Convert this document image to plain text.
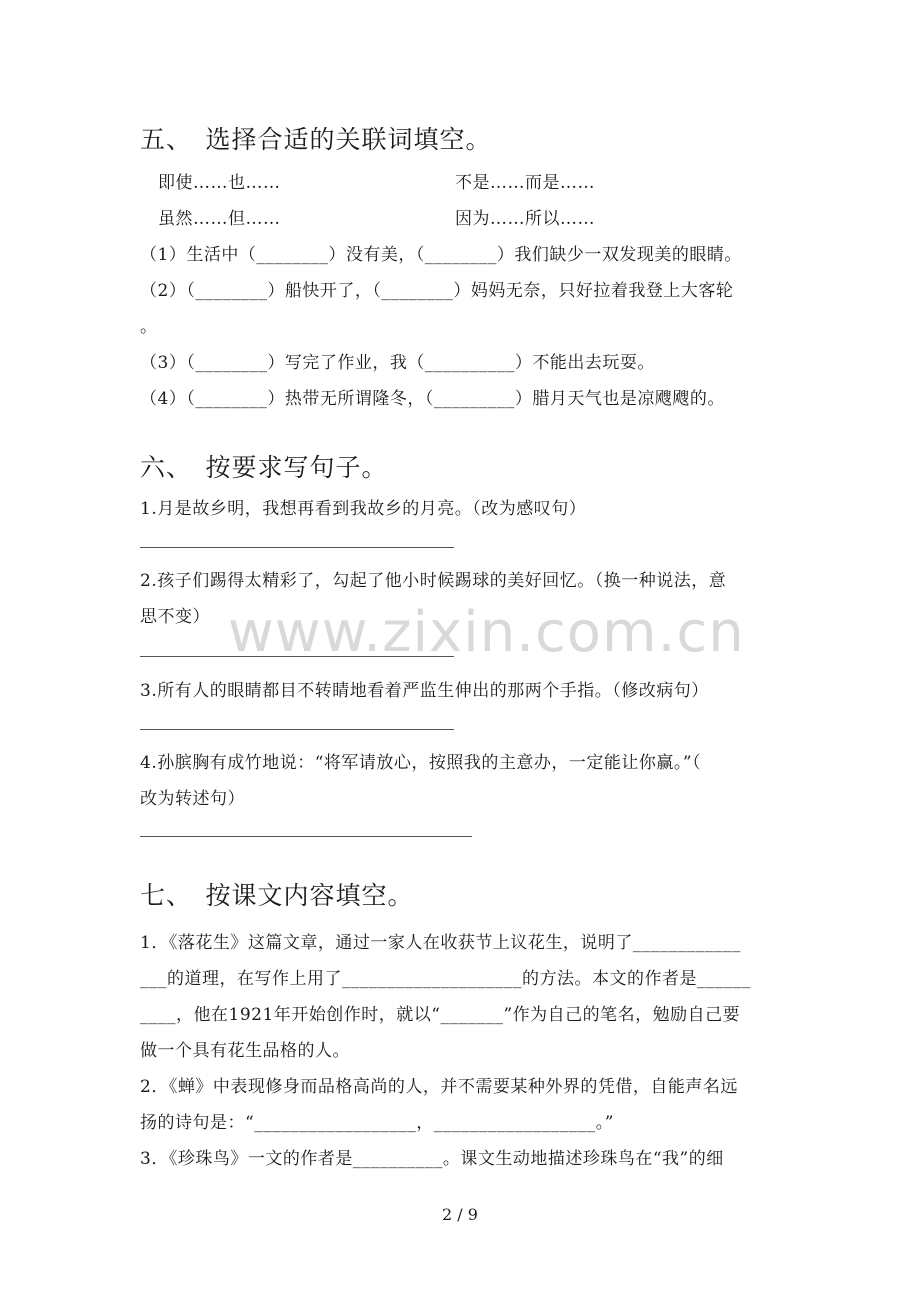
五、　选择合适的关联词填空。
即使……也……	不是……而是……
虽然……但……	因为……所以……
（1）生活中（________）没有美，（________）我们缺少一双发现美的眼睛。
（2）（________）船快开了，（________）妈妈无奈，只好拉着我登上大客轮
。
（3）（________）写完了作业，我（__________）不能出去玩耍。
（4）（________）热带无所谓隆冬，（_________）腊月天气也是凉飕飕的。
六、　按要求写句子。
1.月是故乡明，我想再看到我故乡的月亮。（改为感叹句）
2.孩子们踢得太精彩了，勾起了他小时候踢球的美好回忆。（换一种说法，意
思不变）
3.所有人的眼睛都目不转睛地看着严监生伸出的那两个手指。（修改病句）
4.孙膑胸有成竹地说：“将军请放心，按照我的主意办，一定能让你赢。”（
改为转述句）
七、　按课文内容填空。
1．《落花生》这篇文章，通过一家人在收获节上议花生，说明了____________
___的道理，在写作上用了____________________的方法。本文的作者是______
____，他在1921年开始创作时，就以“_______”作为自己的笔名，勉励自己要
做一个具有花生品格的人。
2．《蝉》中表现修身而品格高尚的人，并不需要某种外界的凭借，自能声名远
扬的诗句是：“__________________，__________________。”
3．《珍珠鸟》一文的作者是__________。课文生动地描述珍珠鸟在“我”的细
www.zixin.com.cn
2 / 9
